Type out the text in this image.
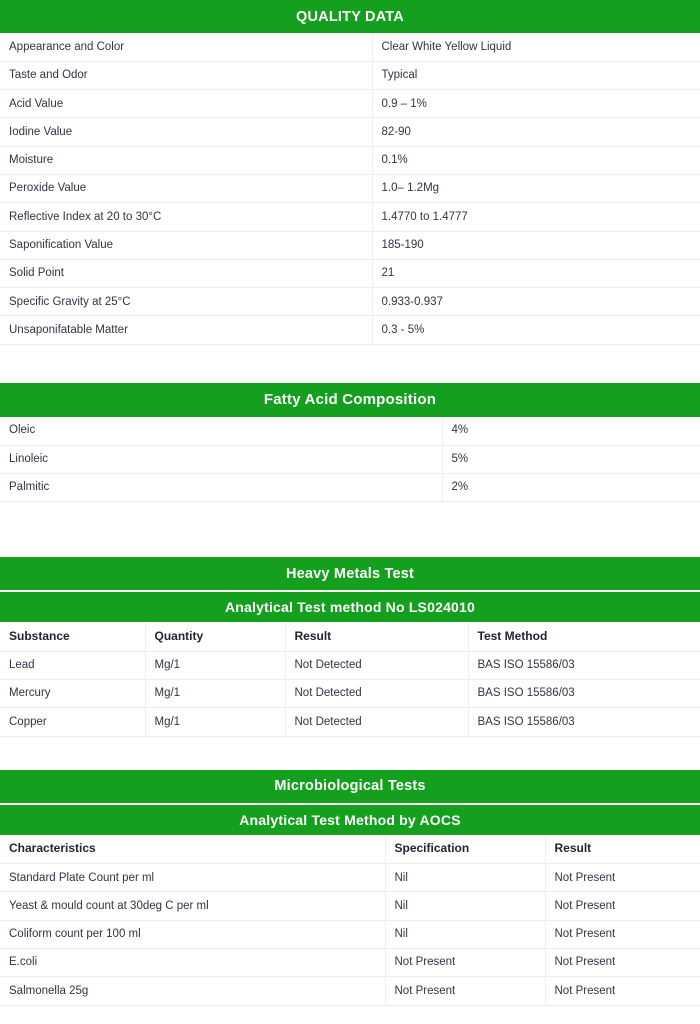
QUALITY DATA
Appearance and Color	Clear White Yellow Liquid
Taste and Odor	Typical
Acid Value	0.9 – 1%
Iodine Value	82-90
Moisture	0.1%
Peroxide Value	1.0– 1.2Mg
Reflective Index at 20 to 30°C	1.4770 to 1.4777
Saponification Value	185-190
Solid Point	21
Specific Gravity at 25°C	0.933-0.937
Unsaponifatable Matter	0.3 - 5%
Fatty Acid Composition
Oleic	4%
Linoleic	5%
Palmitic	2%
Heavy Metals Test
Analytical Test method No LS024010
Substance	Quantity	Result	Test Method
Lead	Mg/1	Not Detected	BAS ISO 15586/03
Mercury	Mg/1	Not Detected	BAS ISO 15586/03
Copper	Mg/1	Not Detected	BAS ISO 15586/03
Microbiological Tests
Analytical Test Method by AOCS
Characteristics	Specification	Result
Standard Plate Count per ml	Nil	Not Present
Yeast & mould count at 30deg C per ml	Nil	Not Present
Coliform count per 100 ml	Nil	Not Present
E.coli	Not Present	Not Present
Salmonella 25g	Not Present	Not Present
